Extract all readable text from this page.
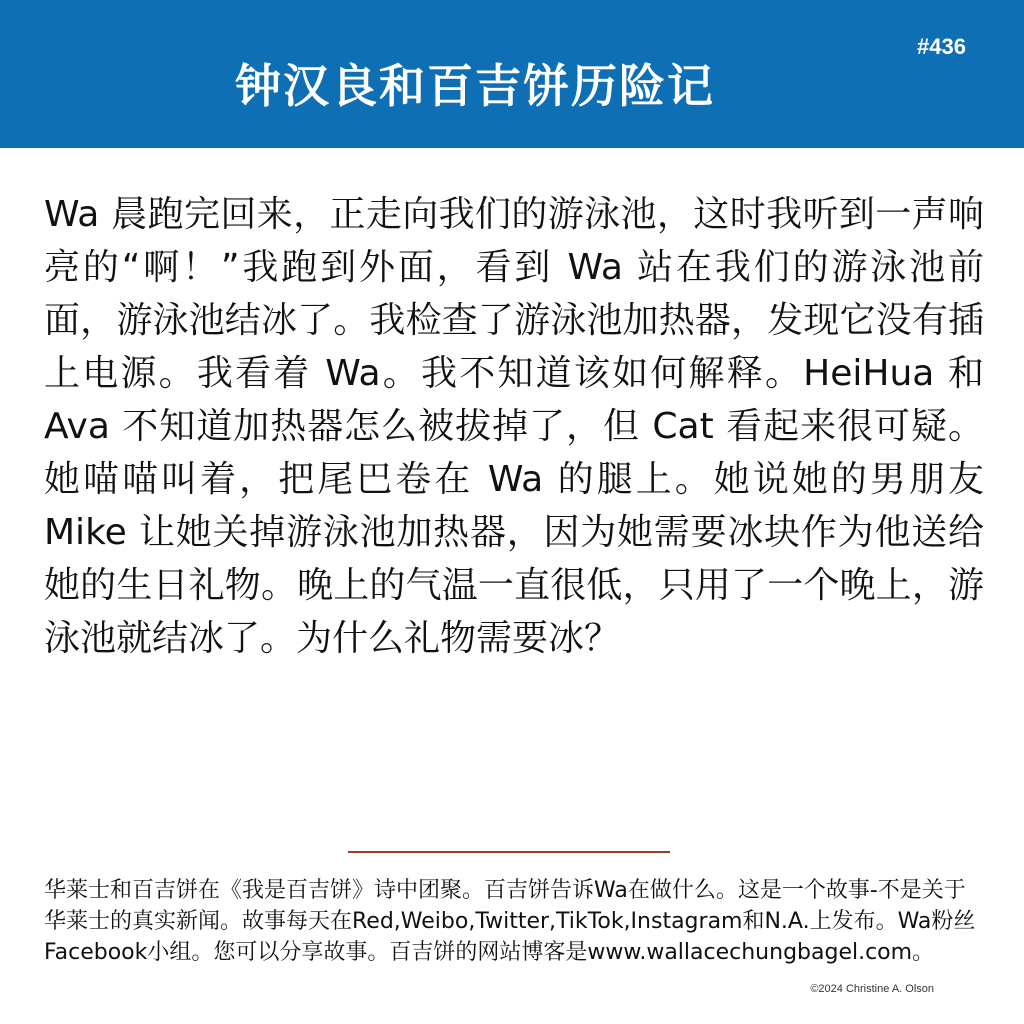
#436
钟汉良和百吉饼历险记
Wa 晨跑完回来，正走向我们的游泳池，这时我听到一声响亮的“啊！”我跑到外面，看到 Wa 站在我们的游泳池前面，游泳池结冰了。我检查了游泳池加热器，发现它没有插上电源。我看着 Wa。我不知道该如何解释。HeiHua 和 Ava 不知道加热器怎么被拔掉了，但 Cat 看起来很可疑。她喵喵叫着，把尾巴卷在 Wa 的腿上。她说她的男朋友 Mike 让她关掉游泳池加热器，因为她需要冰块作为他送给她的生日礼物。晚上的气温一直很低，只用了一个晚上，游泳池就结冰了。为什么礼物需要冰？
华莱士和百吉饼在《我是百吉饼》诗中团聚。百吉饼告诉Wa在做什么。这是一个故事-不是关于华莱士的真实新闻。故事每天在Red,Weibo,Twitter,TikTok,Instagram和N.A.上发布。Wa粉丝Facebook小组。您可以分享故事。百吉饼的网站博客是www.wallacechungbagel.com。
©2024 Christine A. Olson
